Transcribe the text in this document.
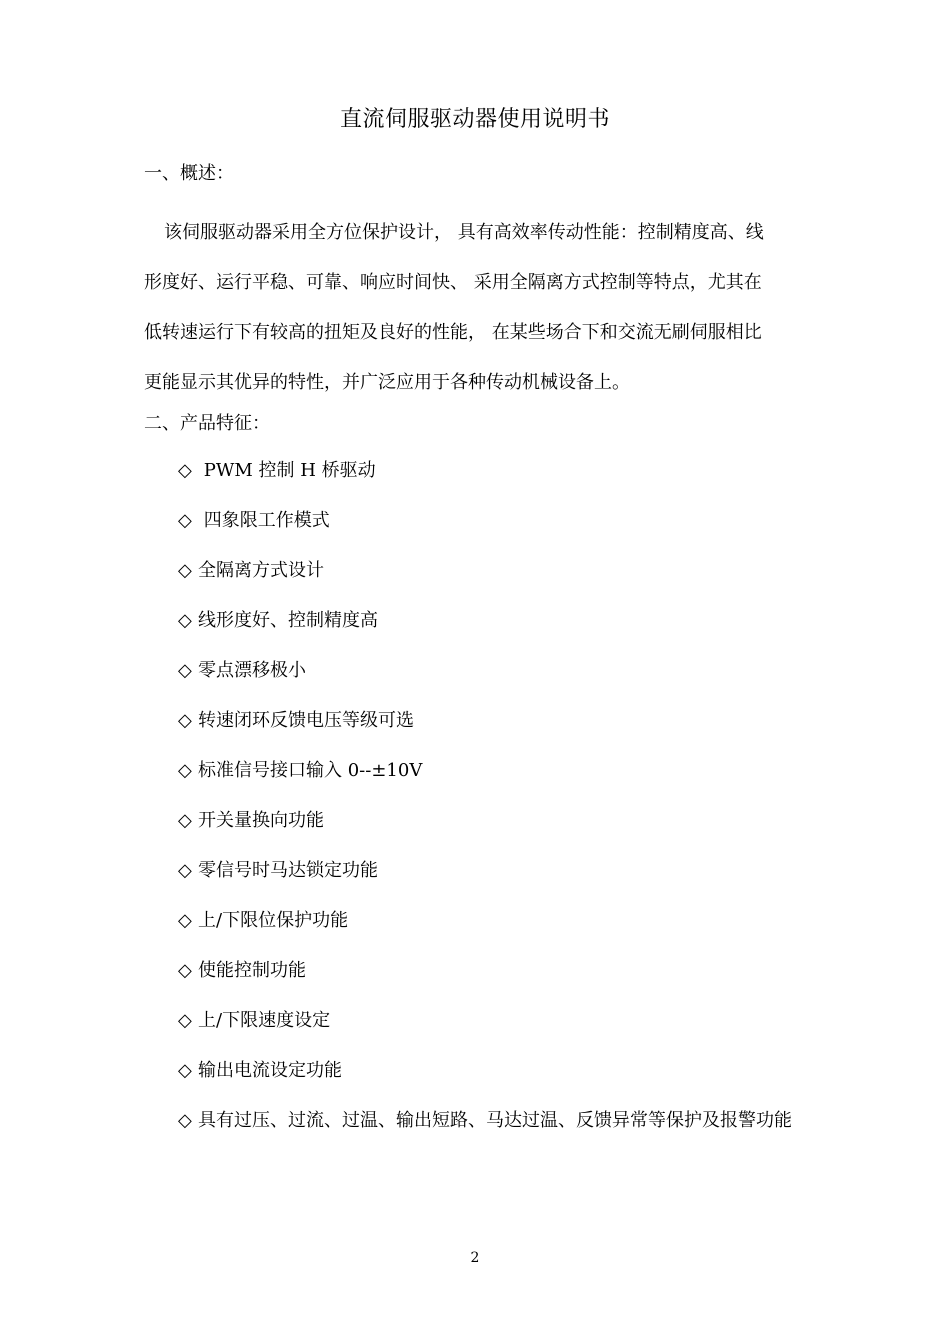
直流伺服驱动器使用说明书
一、概述：
该伺服驱动器采用全方位保护设计， 具有高效率传动性能：控制精度高、线
形度好、运行平稳、可靠、响应时间快、 采用全隔离方式控制等特点，尤其在
低转速运行下有较高的扭矩及良好的性能， 在某些场合下和交流无刷伺服相比
更能显示其优异的特性，并广泛应用于各种传动机械设备上。
二、产品特征：
◇ PWM 控制 H 桥驱动
◇ 四象限工作模式
◇ 全隔离方式设计
◇ 线形度好、控制精度高
◇ 零点漂移极小
◇ 转速闭环反馈电压等级可选
◇ 标准信号接口输入 0--±10V
◇ 开关量换向功能
◇ 零信号时马达锁定功能
◇ 上/下限位保护功能
◇ 使能控制功能
◇ 上/下限速度设定
◇ 输出电流设定功能
◇具有过压、过流、过温、输出短路、马达过温、反馈异常等保护及报警功能
2
